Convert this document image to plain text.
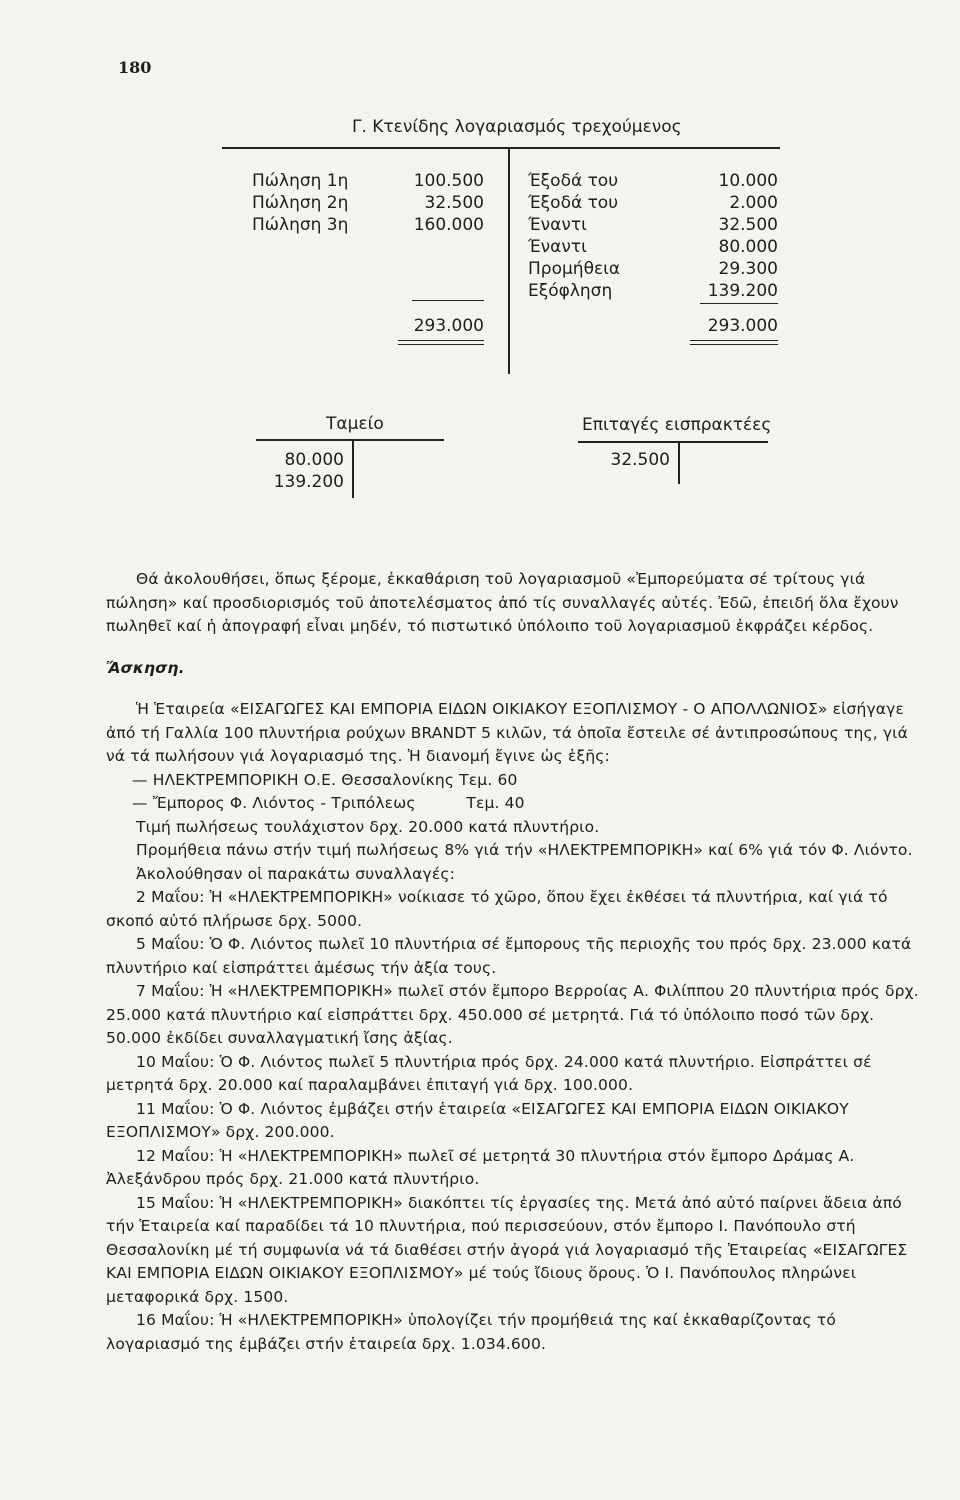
180
Γ. Κτενίδης λογαριασμός τρεχούμενος
Πώληση 1η	100.500
Πώληση 2η	32.500
Πώληση 3η	160.000
293.000
Έξοδά του	10.000
Έξοδά του	2.000
Έναντι	32.500
Έναντι	80.000
Προμήθεια	29.300
Εξόφληση	139.200
293.000
Ταμείο
80.000
139.200
Επιταγές εισπρακτέες
32.500

Θά ἀκολουθήσει, ὅπως ξέρομε, ἐκκαθάριση τοῦ λογαριασμοῦ «Ἐμπορεύματα σέ τρίτους γιά πώληση» καί προσδιορισμός τοῦ ἀποτελέσματος ἀπό τίς συναλλαγές αὐτές. Ἐδῶ, ἐπειδή ὅλα ἔχουν πωληθεῖ καί ἡ ἀπογραφή εἶναι μηδέν, τό πιστωτικό ὑπόλοιπο τοῦ λογαριασμοῦ ἐκφράζει κέρδος.

Ἄσκηση.

Ἡ Ἑταιρεία «ΕΙΣΑΓΩΓΕΣ ΚΑΙ ΕΜΠΟΡΙΑ ΕΙΔΩΝ ΟΙΚΙΑΚΟΥ ΕΞΟΠΛΙΣΜΟΥ - Ο ΑΠΟΛΛΩΝΙΟΣ» εἰσήγαγε ἀπό τή Γαλλία 100 πλυντήρια ρούχων BRANDT 5 κιλῶν, τά ὁποῖα ἔστειλε σέ ἀντιπροσώπους της, γιά νά τά πωλήσουν γιά λογαριασμό της. Ἡ διανομή ἔγινε ὡς ἑξῆς:

— ΗΛΕΚΤΡΕΜΠΟΡΙΚΗ Ο.Ε. Θεσσαλονίκης Τεμ. 60

— Ἔμπορος Φ. Λιόντος - Τριπόλεως          Τεμ. 40

Τιμή πωλήσεως τουλάχιστον δρχ. 20.000 κατά πλυντήριο.

Προμήθεια πάνω στήν τιμή πωλήσεως 8% γιά τήν «ΗΛΕΚΤΡΕΜΠΟΡΙΚΗ» καί 6% γιά τόν Φ. Λιόντο.

Ἀκολούθησαν οἱ παρακάτω συναλλαγές:

2 Μαΐου: Ἡ «ΗΛΕΚΤΡΕΜΠΟΡΙΚΗ» νοίκιασε τό χῶρο, ὅπου ἔχει ἐκθέσει τά πλυντήρια, καί γιά τό σκοπό αὐτό πλήρωσε δρχ. 5000.

5 Μαΐου: Ὁ Φ. Λιόντος πωλεῖ 10 πλυντήρια σέ ἔμπορους τῆς περιοχῆς του πρός δρχ. 23.000 κατά πλυντήριο καί εἰσπράττει ἀμέσως τήν ἀξία τους.

7 Μαΐου: Ἡ «ΗΛΕΚΤΡΕΜΠΟΡΙΚΗ» πωλεῖ στόν ἔμπορο Βερροίας Α. Φιλίππου 20 πλυντήρια πρός δρχ. 25.000 κατά πλυντήριο καί εἰσπράττει δρχ. 450.000 σέ μετρητά. Γιά τό ὑπόλοιπο ποσό τῶν δρχ. 50.000 ἐκδίδει συναλλαγματική ἴσης ἀξίας.

10 Μαΐου: Ὁ Φ. Λιόντος πωλεῖ 5 πλυντήρια πρός δρχ. 24.000 κατά πλυντήριο. Εἰσπράττει σέ μετρητά δρχ. 20.000 καί παραλαμβάνει ἐπιταγή γιά δρχ. 100.000.

11 Μαΐου: Ὁ Φ. Λιόντος ἐμβάζει στήν ἑταιρεία «ΕΙΣΑΓΩΓΕΣ ΚΑΙ ΕΜΠΟΡΙΑ ΕΙΔΩΝ ΟΙΚΙΑΚΟΥ ΕΞΟΠΛΙΣΜΟΥ» δρχ. 200.000.

12 Μαΐου: Ἡ «ΗΛΕΚΤΡΕΜΠΟΡΙΚΗ» πωλεῖ σέ μετρητά 30 πλυντήρια στόν ἔμπορο Δράμας Α. Ἀλεξάνδρου πρός δρχ. 21.000 κατά πλυντήριο.

15 Μαΐου: Ἡ «ΗΛΕΚΤΡΕΜΠΟΡΙΚΗ» διακόπτει τίς ἐργασίες της. Μετά ἀπό αὐτό παίρνει ἄδεια ἀπό τήν Ἑταιρεία καί παραδίδει τά 10 πλυντήρια, πού περισσεύουν, στόν ἔμπορο Ι. Πανόπουλο στή Θεσσαλονίκη μέ τή συμφωνία νά τά διαθέσει στήν ἀγορά γιά λογαριασμό τῆς Ἑταιρείας «ΕΙΣΑΓΩΓΕΣ ΚΑΙ ΕΜΠΟΡΙΑ ΕΙΔΩΝ ΟΙΚΙΑΚΟΥ ΕΞΟΠΛΙΣΜΟΥ» μέ τούς ἴδιους ὅρους. Ὁ Ι. Πανόπουλος πληρώνει μεταφορικά δρχ. 1500.

16 Μαΐου: Ἡ «ΗΛΕΚΤΡΕΜΠΟΡΙΚΗ» ὑπολογίζει τήν προμήθειά της καί ἐκκαθαρίζοντας τό λογαριασμό της ἐμβάζει στήν ἑταιρεία δρχ. 1.034.600.
